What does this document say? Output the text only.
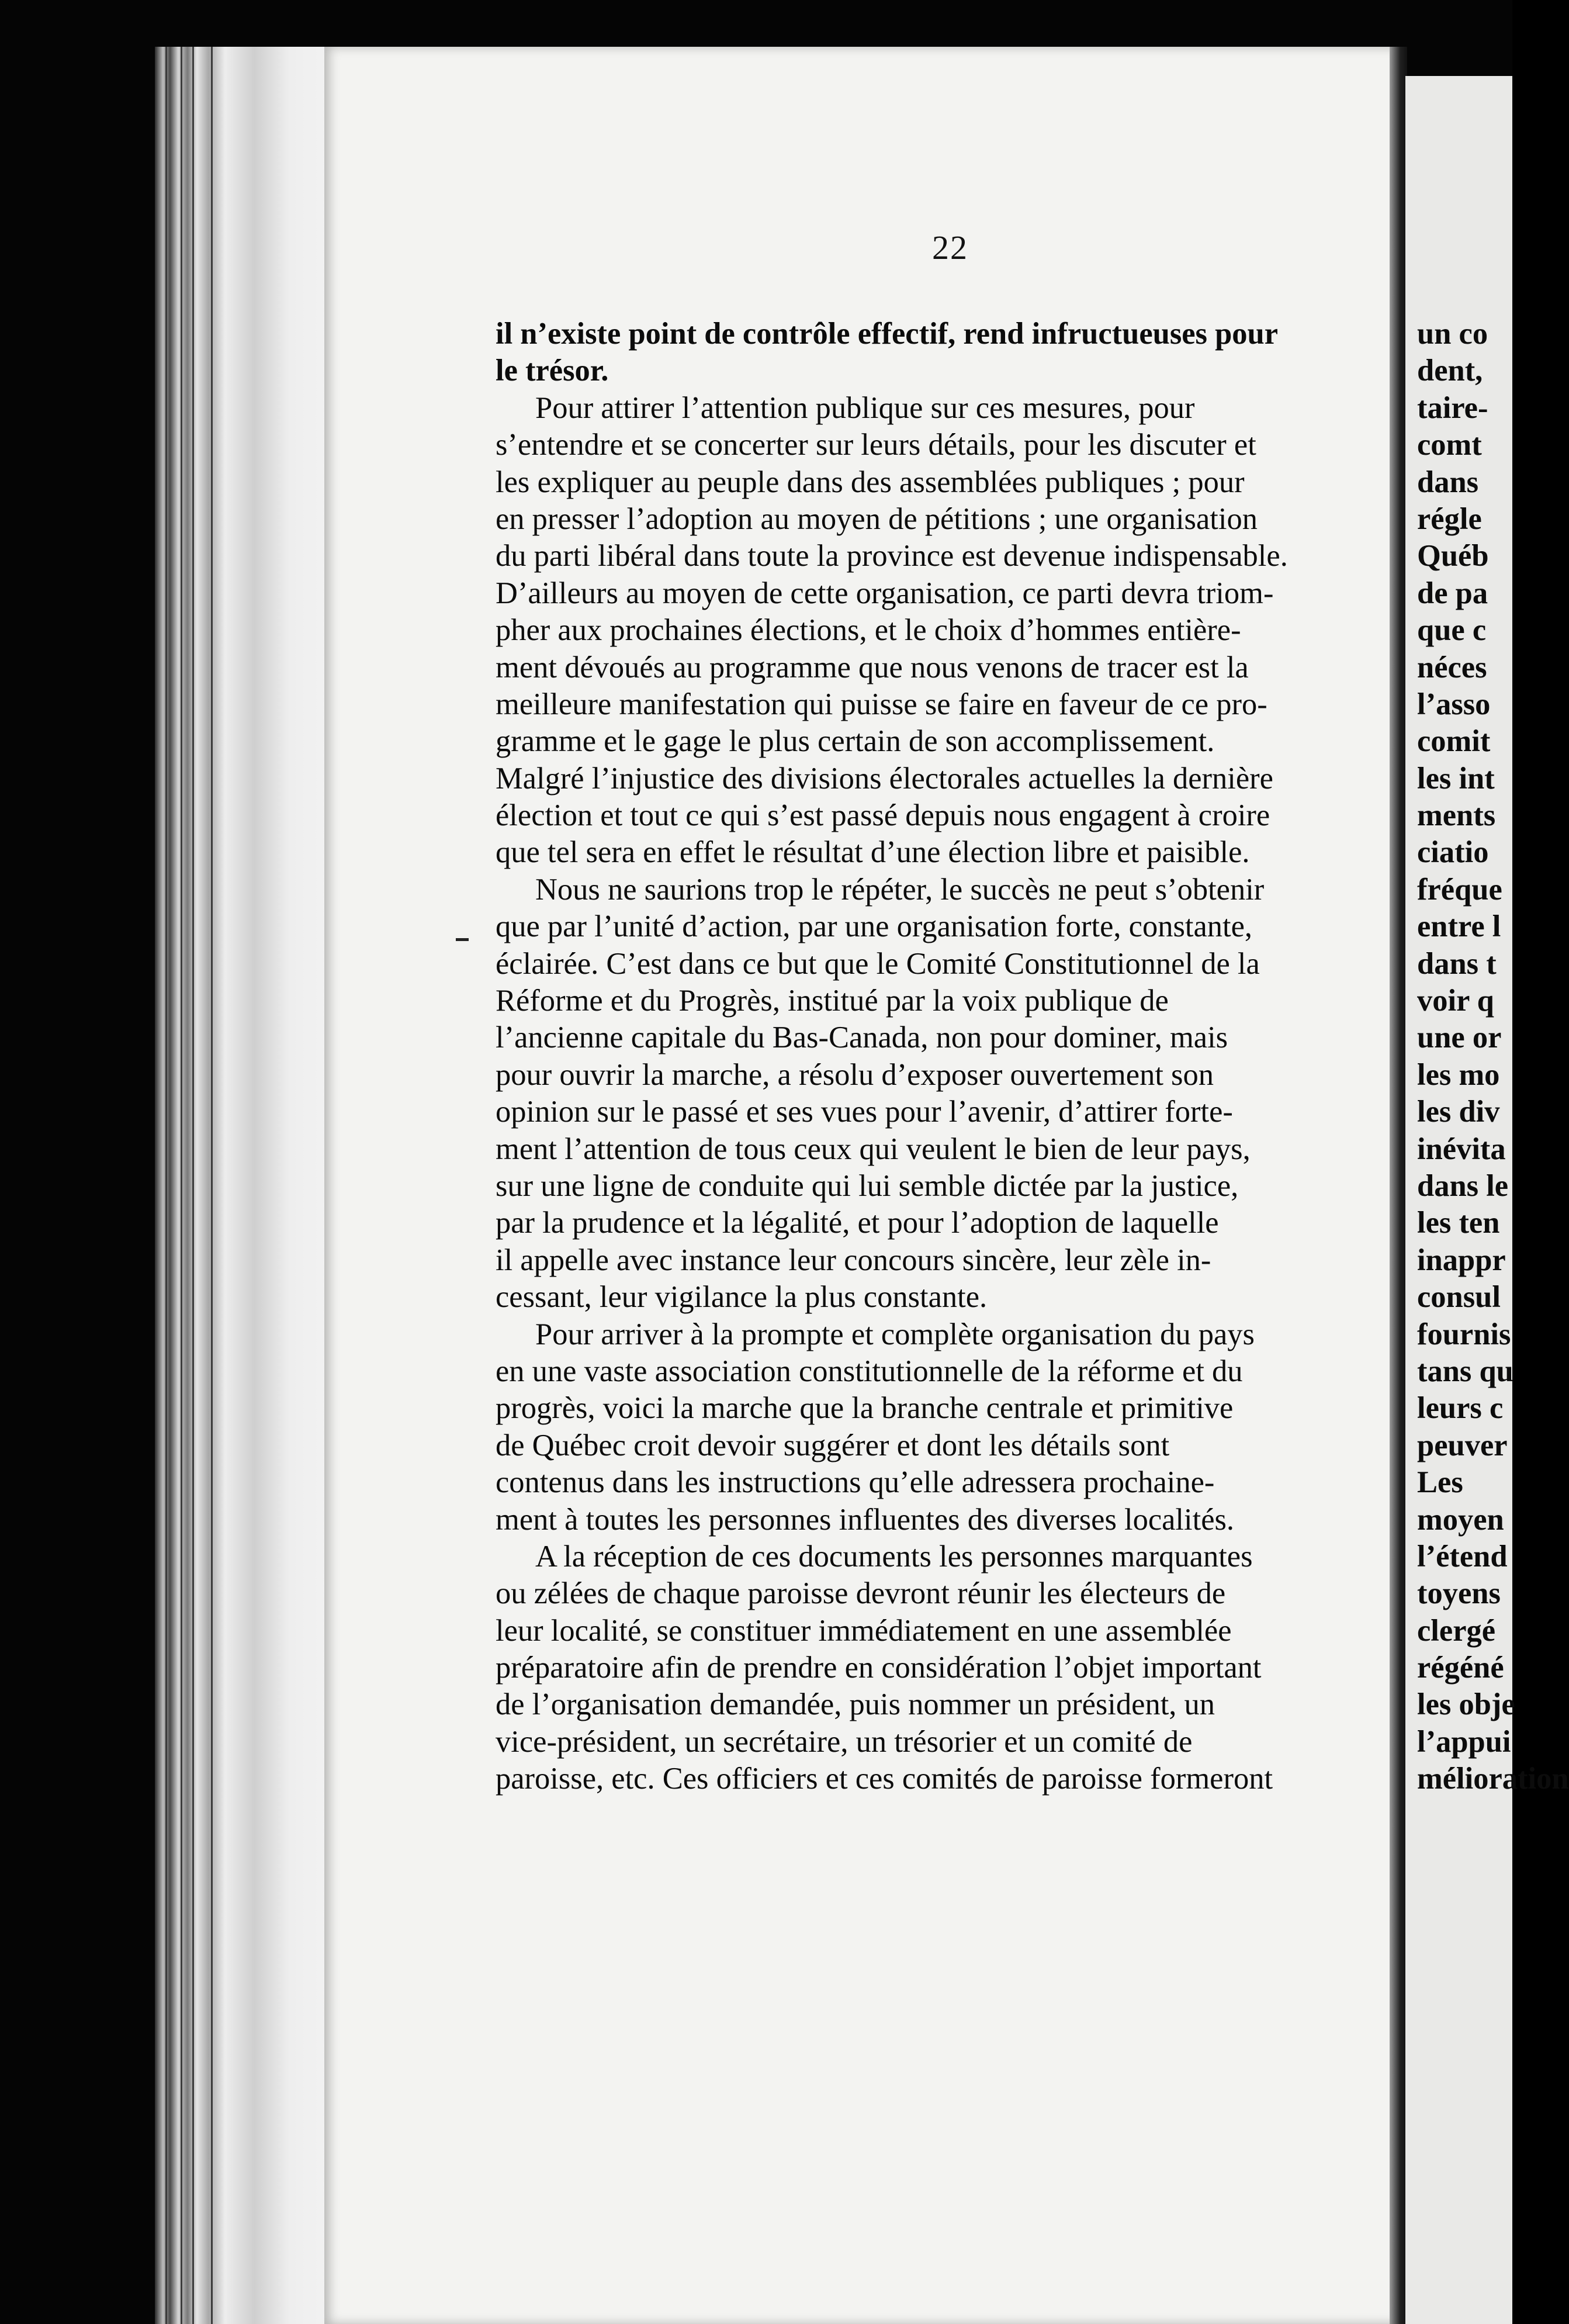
22
il n’existe point de contrôle effectif, rend infructueuses pour
le trésor.
Pour attirer l’attention publique sur ces mesures, pour
s’entendre et se concerter sur leurs détails, pour les discuter et
les expliquer au peuple dans des assemblées publiques ; pour
en presser l’adoption au moyen de pétitions ; une organisation
du parti libéral dans toute la province est devenue indispensable.
D’ailleurs au moyen de cette organisation, ce parti devra triom-
pher aux prochaines élections, et le choix d’hommes entière-
ment dévoués au programme que nous venons de tracer est la
meilleure manifestation qui puisse se faire en faveur de ce pro-
gramme et le gage le plus certain de son accomplissement.
Malgré l’injustice des divisions électorales actuelles la dernière
élection et tout ce qui s’est passé depuis nous engagent à croire
que tel sera en effet le résultat d’une élection libre et paisible.
Nous ne saurions trop le répéter, le succès ne peut s’obtenir
que par l’unité d’action, par une organisation forte, constante,
éclairée. C’est dans ce but que le Comité Constitutionnel de la
Réforme et du Progrès, institué par la voix publique de
l’ancienne capitale du Bas-Canada, non pour dominer, mais
pour ouvrir la marche, a résolu d’exposer ouvertement son
opinion sur le passé et ses vues pour l’avenir, d’attirer forte-
ment l’attention de tous ceux qui veulent le bien de leur pays,
sur une ligne de conduite qui lui semble dictée par la justice,
par la prudence et la légalité, et pour l’adoption de laquelle
il appelle avec instance leur concours sincère, leur zèle in-
cessant, leur vigilance la plus constante.
Pour arriver à la prompte et complète organisation du pays
en une vaste association constitutionnelle de la réforme et du
progrès, voici la marche que la branche centrale et primitive
de Québec croit devoir suggérer et dont les détails sont
contenus dans les instructions qu’elle adressera prochaine-
ment à toutes les personnes influentes des diverses localités.
A la réception de ces documents les personnes marquantes
ou zélées de chaque paroisse devront réunir les électeurs de
leur localité, se constituer immédiatement en une assemblée
préparatoire afin de prendre en considération l’objet important
de l’organisation demandée, puis nommer un président, un
vice-président, un secrétaire, un trésorier et un comité de
paroisse, etc. Ces officiers et ces comités de paroisse formeront
un co
dent,
taire-
comt
dans
régle
Québ
de pa
que c
néces
l’asso
comit
les int
ments
ciatio
fréque
entre l
dans t
voir q
une or
les mo
les div
inévita
dans le
les ten
inappr
consul
fournis
tans qu
leurs c
peuver
Les
moyen
l’étend
toyens
clergé
régéné
les obje
l’appui
mélioration
